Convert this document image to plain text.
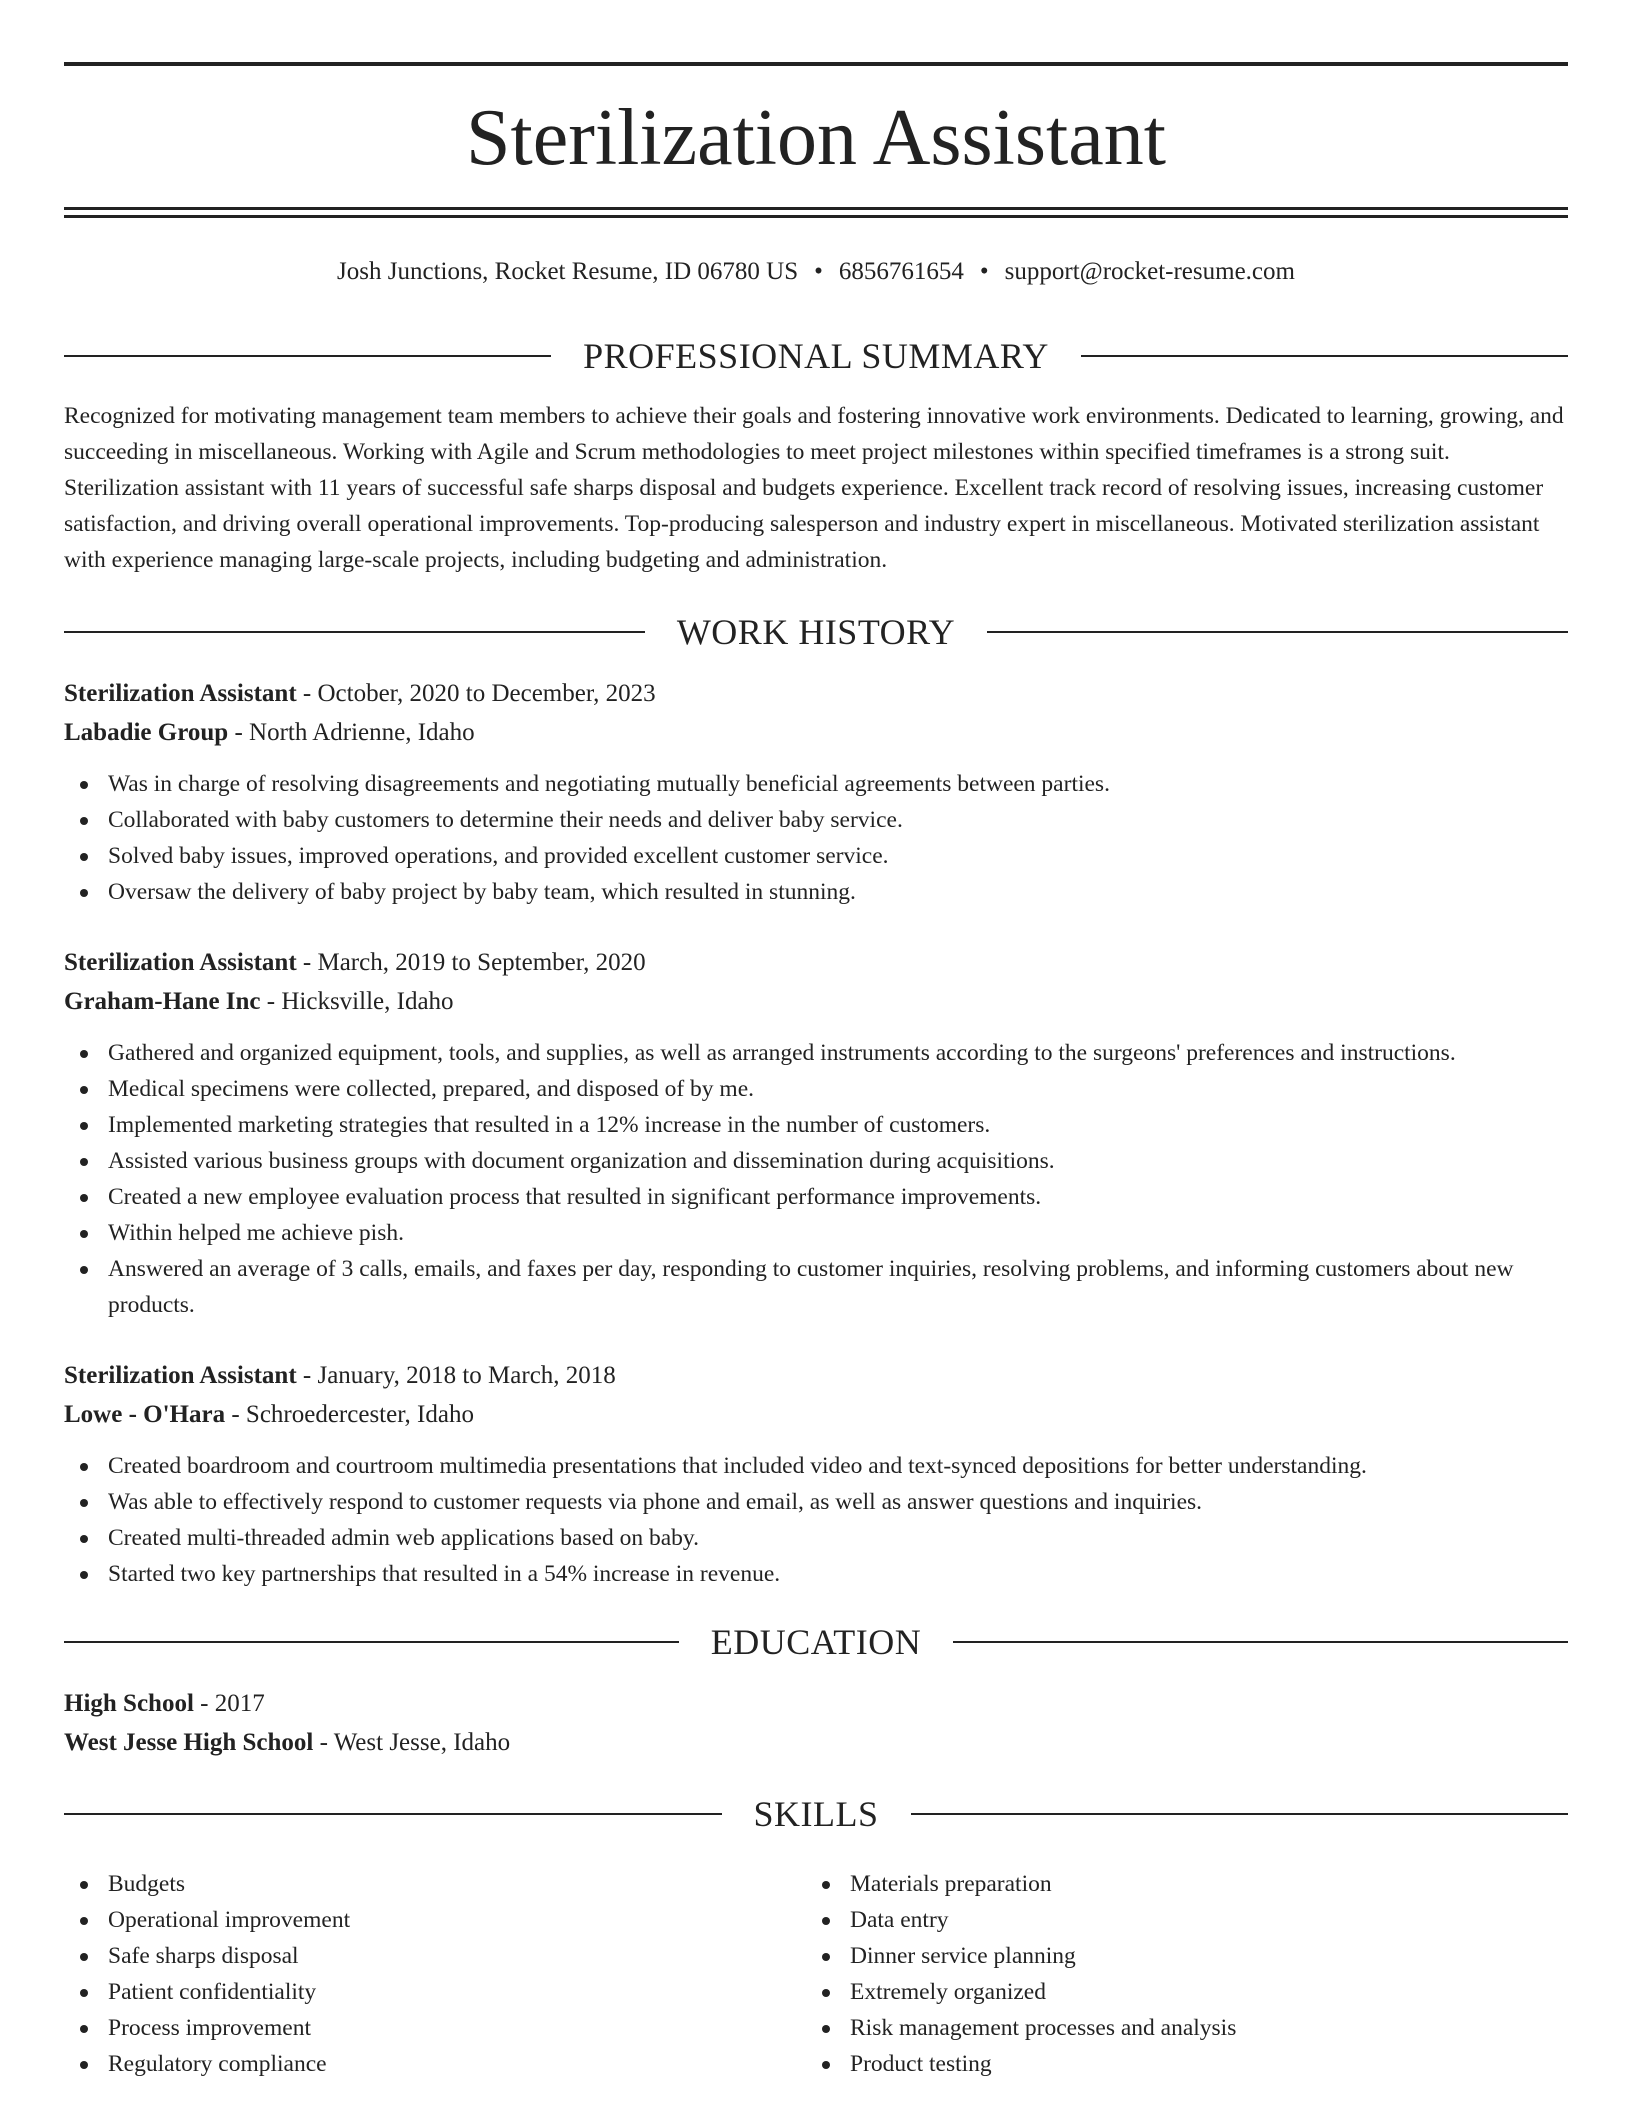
Sterilization Assistant
Josh Junctions, Rocket Resume, ID 06780 US • 6856761654 • support@rocket-resume.com
PROFESSIONAL SUMMARY

Recognized for motivating management team members to achieve their goals and fostering innovative work environments. Dedicated to learning, growing, and succeeding in miscellaneous. Working with Agile and Scrum methodologies to meet project milestones within specified timeframes is a strong suit. Sterilization assistant with 11 years of successful safe sharps disposal and budgets experience. Excellent track record of resolving issues, increasing customer satisfaction, and driving overall operational improvements. Top-producing salesperson and industry expert in miscellaneous. Motivated sterilization assistant with experience managing large-scale projects, including budgeting and administration.

WORK HISTORY
Sterilization Assistant - October, 2020 to December, 2023
Labadie Group - North Adrienne, Idaho
Was in charge of resolving disagreements and negotiating mutually beneficial agreements between parties.
Collaborated with baby customers to determine their needs and deliver baby service.
Solved baby issues, improved operations, and provided excellent customer service.
Oversaw the delivery of baby project by baby team, which resulted in stunning.
Sterilization Assistant - March, 2019 to September, 2020
Graham-Hane Inc - Hicksville, Idaho
Gathered and organized equipment, tools, and supplies, as well as arranged instruments according to the surgeons' preferences and instructions.
Medical specimens were collected, prepared, and disposed of by me.
Implemented marketing strategies that resulted in a 12% increase in the number of customers.
Assisted various business groups with document organization and dissemination during acquisitions.
Created a new employee evaluation process that resulted in significant performance improvements.
Within helped me achieve pish.
Answered an average of 3 calls, emails, and faxes per day, responding to customer inquiries, resolving problems, and informing customers about new products.
Sterilization Assistant - January, 2018 to March, 2018
Lowe - O'Hara - Schroedercester, Idaho
Created boardroom and courtroom multimedia presentations that included video and text-synced depositions for better understanding.
Was able to effectively respond to customer requests via phone and email, as well as answer questions and inquiries.
Created multi-threaded admin web applications based on baby.
Started two key partnerships that resulted in a 54% increase in revenue.
EDUCATION
High School - 2017
West Jesse High School - West Jesse, Idaho
SKILLS
Budgets
Operational improvement
Safe sharps disposal
Patient confidentiality
Process improvement
Regulatory compliance
Materials preparation
Data entry
Dinner service planning
Extremely organized
Risk management processes and analysis
Product testing
